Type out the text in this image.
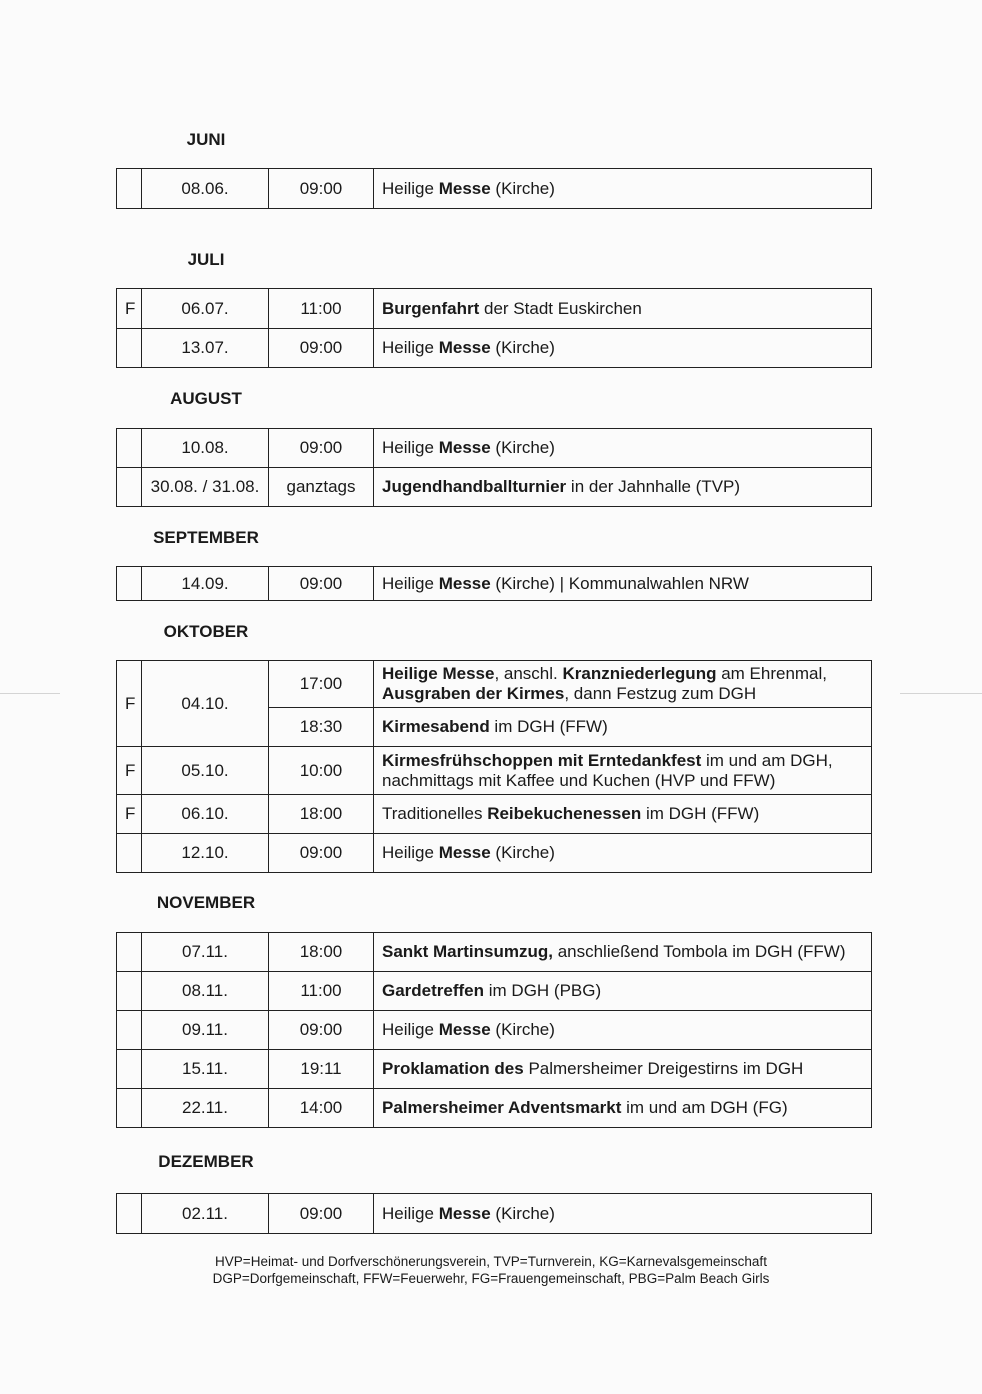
JUNI
	08.06.	09:00	Heilige Messe (Kirche)
JULI
F	06.07.	11:00	Burgenfahrt der Stadt Euskirchen
	13.07.	09:00	Heilige Messe (Kirche)
AUGUST
	10.08.	09:00	Heilige Messe (Kirche)
	30.08. / 31.08.	ganztags	Jugendhandballturnier in der Jahnhalle (TVP)
SEPTEMBER
	14.09.	09:00	Heilige Messe (Kirche) | Kommunalwahlen NRW
OKTOBER
F	04.10.	17:00	Heilige Messe, anschl. Kranzniederlegung am Ehrenmal, Ausgraben der Kirmes, dann Festzug zum DGH
		18:30	Kirmesabend im DGH (FFW)
F	05.10.	10:00	Kirmesfrühschoppen mit Erntedankfest im und am DGH, nachmittags mit Kaffee und Kuchen (HVP und FFW)
F	06.10.	18:00	Traditionelles Reibekuchenessen im DGH (FFW)
	12.10.	09:00	Heilige Messe (Kirche)
NOVEMBER
	07.11.	18:00	Sankt Martinsumzug, anschließend Tombola im DGH (FFW)
	08.11.	11:00	Gardetreffen im DGH (PBG)
	09.11.	09:00	Heilige Messe (Kirche)
	15.11.	19:11	Proklamation des Palmersheimer Dreigestirns im DGH
	22.11.	14:00	Palmersheimer Adventsmarkt im und am DGH (FG)
DEZEMBER
	02.11.	09:00	Heilige Messe (Kirche)
HVP=Heimat- und Dorfverschönerungsverein, TVP=Turnverein, KG=Karnevalsgemeinschaft
DGP=Dorfgemeinschaft, FFW=Feuerwehr, FG=Frauengemeinschaft, PBG=Palm Beach Girls
